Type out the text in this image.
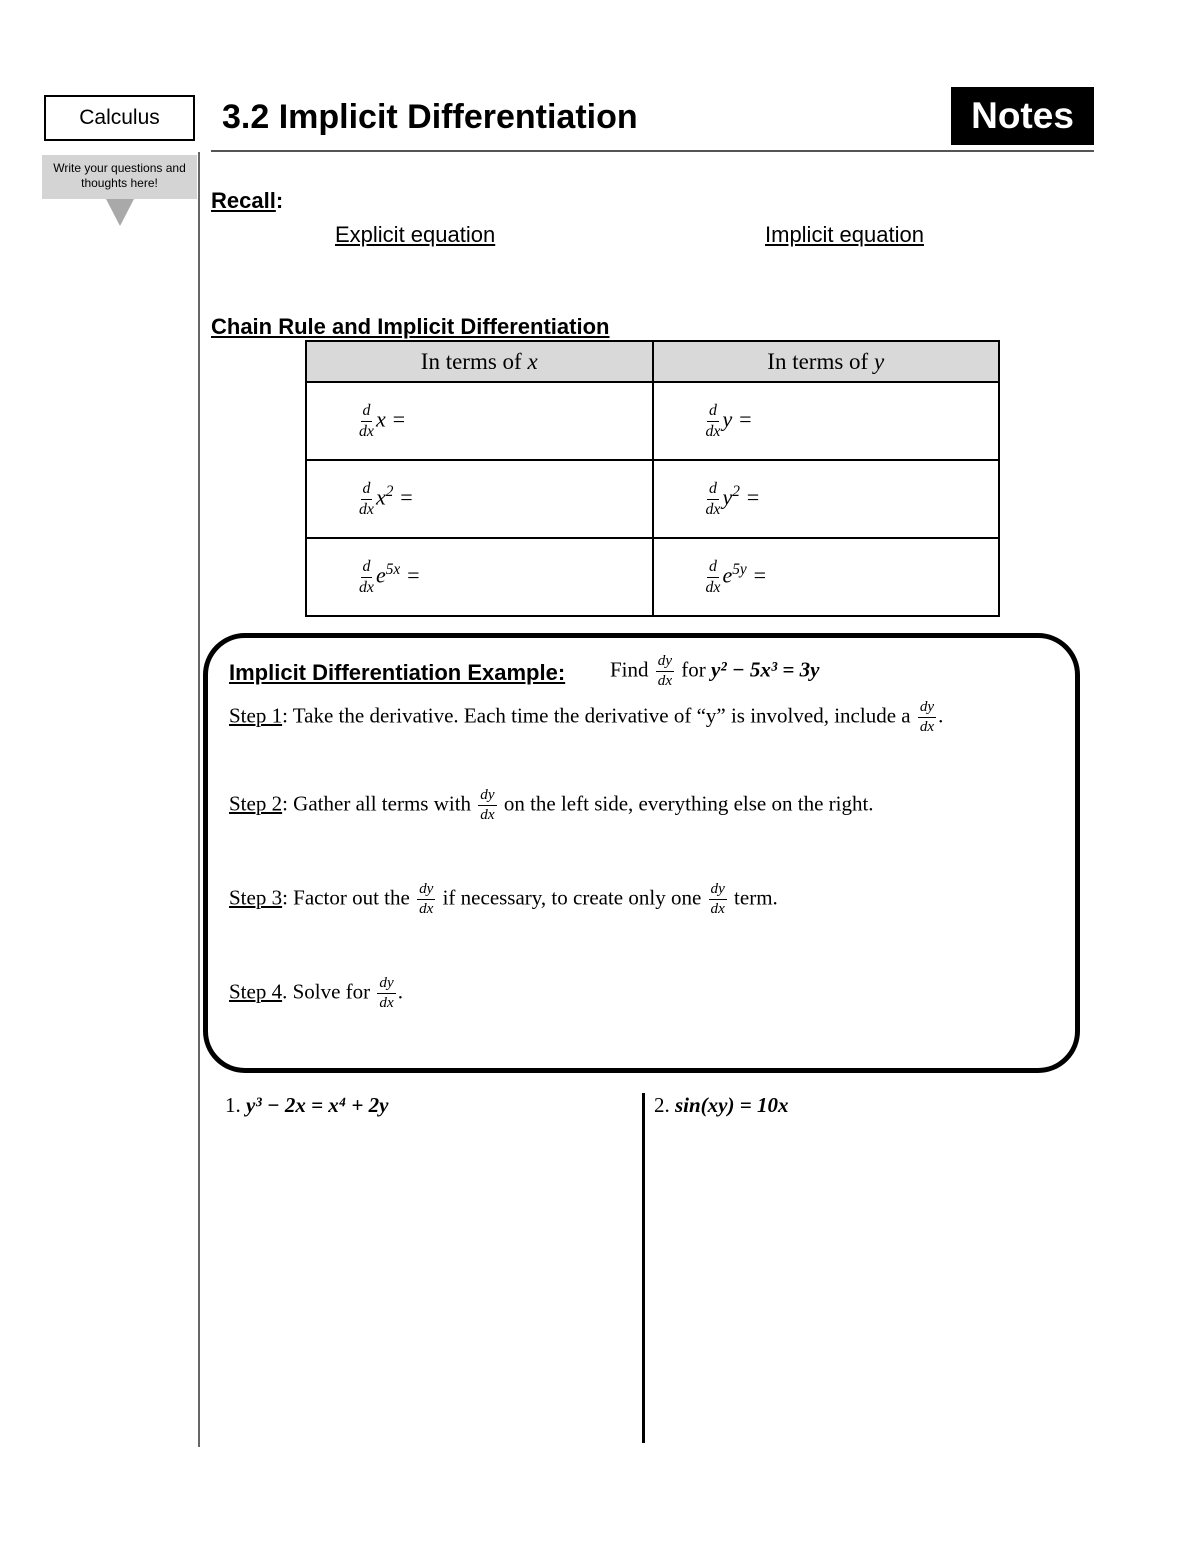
Calculus
Write your questions and thoughts here!
3.2 Implicit Differentiation	Notes
Recall:
Explicit equation	Implicit equation
Chain Rule and Implicit Differentiation
In terms of x	In terms of y

$\frac{d}{dx}$ x =	$\frac{d}{dx}$ y =

$\frac{d}{dx} x^2$ =	$\frac{d}{dx} y^2$ =

$\frac{d}{dx} e^{5x}$ =	$\frac{d}{dx} e^{5y}$ =
Implicit Differentiation Example: Find $\frac{dy}{dx}$ for y² − 5x³ = 3y
Step 1: Take the derivative. Each time the derivative of “y” is involved, include a $\frac{dy}{dx}$ .
Step 2: Gather all terms with $\frac{dy}{dx}$ on the left side, everything else on the right.
Step 3: Factor out the $\frac{dy}{dx}$ if necessary, to create only one $\frac{dy}{dx}$ term.
Step 4. Solve for $\frac{dy}{dx}$ .
1. y³ − 2x = x⁴ + 2y	2. sin(xy) = 10x
